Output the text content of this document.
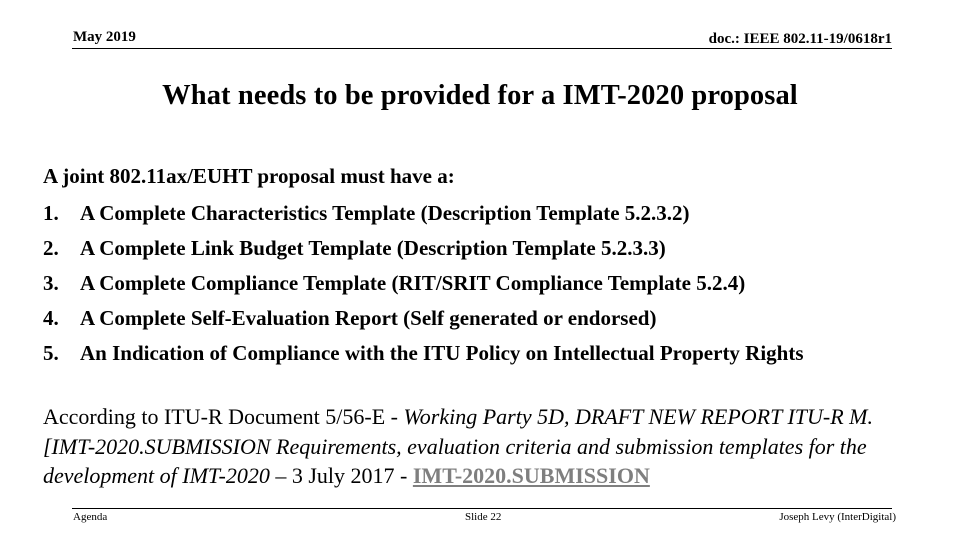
May 2019	doc.: IEEE 802.11-19/0618r1
What needs to be provided for a IMT-2020 proposal
A joint 802.11ax/EUHT proposal must have a:
1. A Complete Characteristics Template (Description Template 5.2.3.2)
2. A Complete Link Budget Template (Description Template 5.2.3.3)
3. A Complete Compliance Template (RIT/SRIT Compliance Template 5.2.4)
4. A Complete Self-Evaluation Report (Self generated or endorsed)
5. An Indication of Compliance with the ITU Policy on Intellectual Property Rights
According to ITU-R Document 5/56-E - Working Party 5D, DRAFT NEW REPORT ITU-R M.[IMT-2020.SUBMISSION Requirements, evaluation criteria and submission templates for the development of IMT-2020 – 3 July 2017 - IMT-2020.SUBMISSION
Agenda	Slide 22	Joseph Levy (InterDigital)
